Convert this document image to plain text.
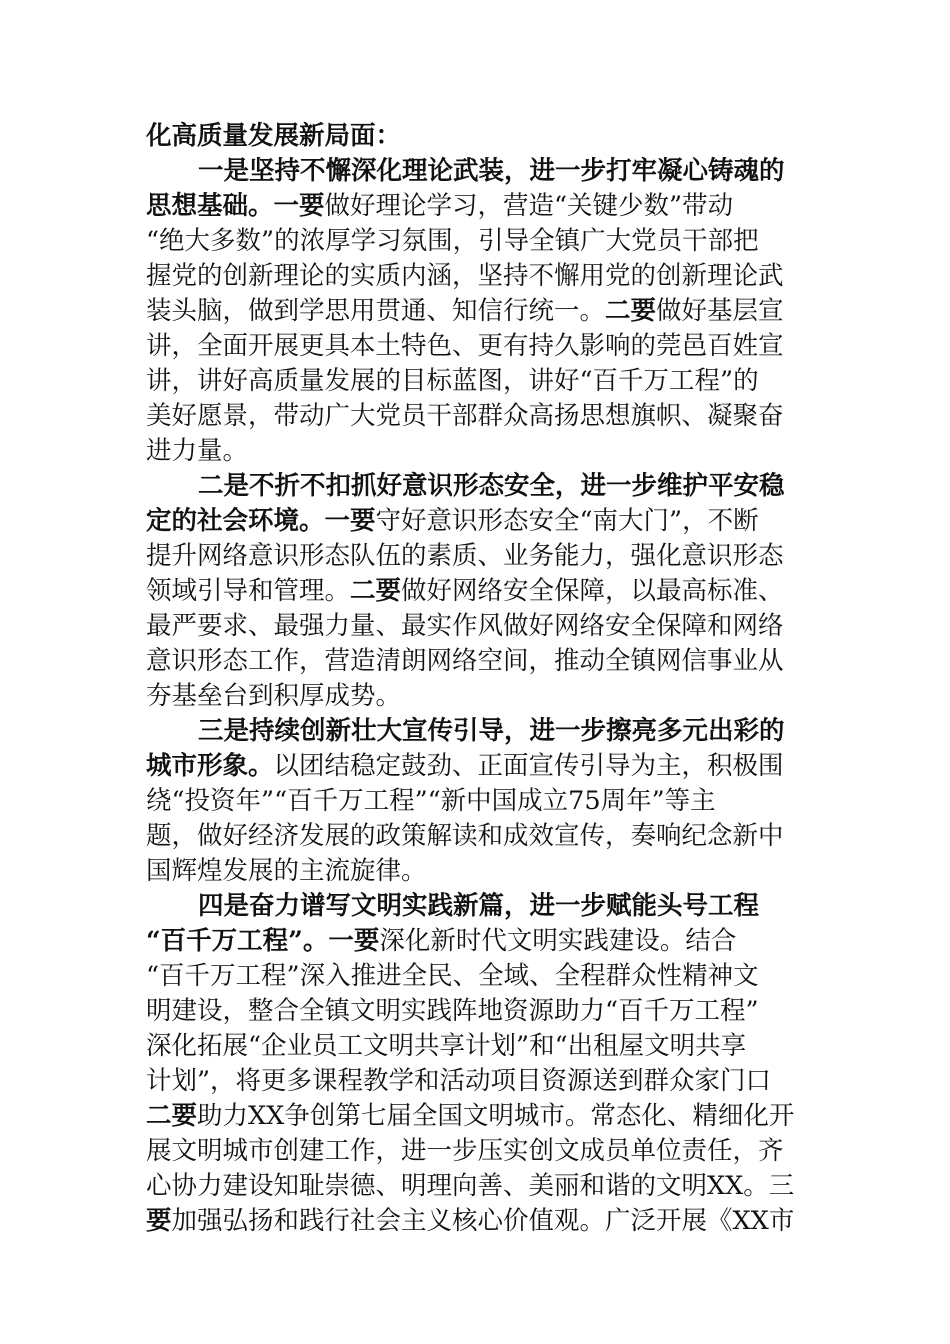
化高质量发展新局面：
一是坚持不懈深化理论武装，进一步打牢凝心铸魂的
思想基础。一要做好理论学习，营造“关键少数”带动
“绝大多数”的浓厚学习氛围，引导全镇广大党员干部把
握党的创新理论的实质内涵，坚持不懈用党的创新理论武
装头脑，做到学思用贯通、知信行统一。二要做好基层宣
讲，全面开展更具本土特色、更有持久影响的莞邑百姓宣
讲，讲好高质量发展的目标蓝图，讲好“百千万工程”的
美好愿景，带动广大党员干部群众高扬思想旗帜、凝聚奋
进力量。
二是不折不扣抓好意识形态安全，进一步维护平安稳
定的社会环境。一要守好意识形态安全“南大门”，不断
提升网络意识形态队伍的素质、业务能力，强化意识形态
领域引导和管理。二要做好网络安全保障，以最高标准、
最严要求、最强力量、最实作风做好网络安全保障和网络
意识形态工作，营造清朗网络空间，推动全镇网信事业从
夯基垒台到积厚成势。
三是持续创新壮大宣传引导，进一步擦亮多元出彩的
城市形象。以团结稳定鼓劲、正面宣传引导为主，积极围
绕“投资年”“百千万工程”“新中国成立75周年”等主
题，做好经济发展的政策解读和成效宣传，奏响纪念新中
国辉煌发展的主流旋律。
四是奋力谱写文明实践新篇，进一步赋能头号工程
“百千万工程”。一要深化新时代文明实践建设。结合
“百千万工程”深入推进全民、全域、全程群众性精神文
明建设，整合全镇文明实践阵地资源助力“百千万工程”
深化拓展“企业员工文明共享计划”和“出租屋文明共享
计划”，将更多课程教学和活动项目资源送到群众家门口
二要助力XX争创第七届全国文明城市。常态化、精细化开
展文明城市创建工作，进一步压实创文成员单位责任，齐
心协力建设知耻崇德、明理向善、美丽和谐的文明XX。三
要加强弘扬和践行社会主义核心价值观。广泛开展《XX市
